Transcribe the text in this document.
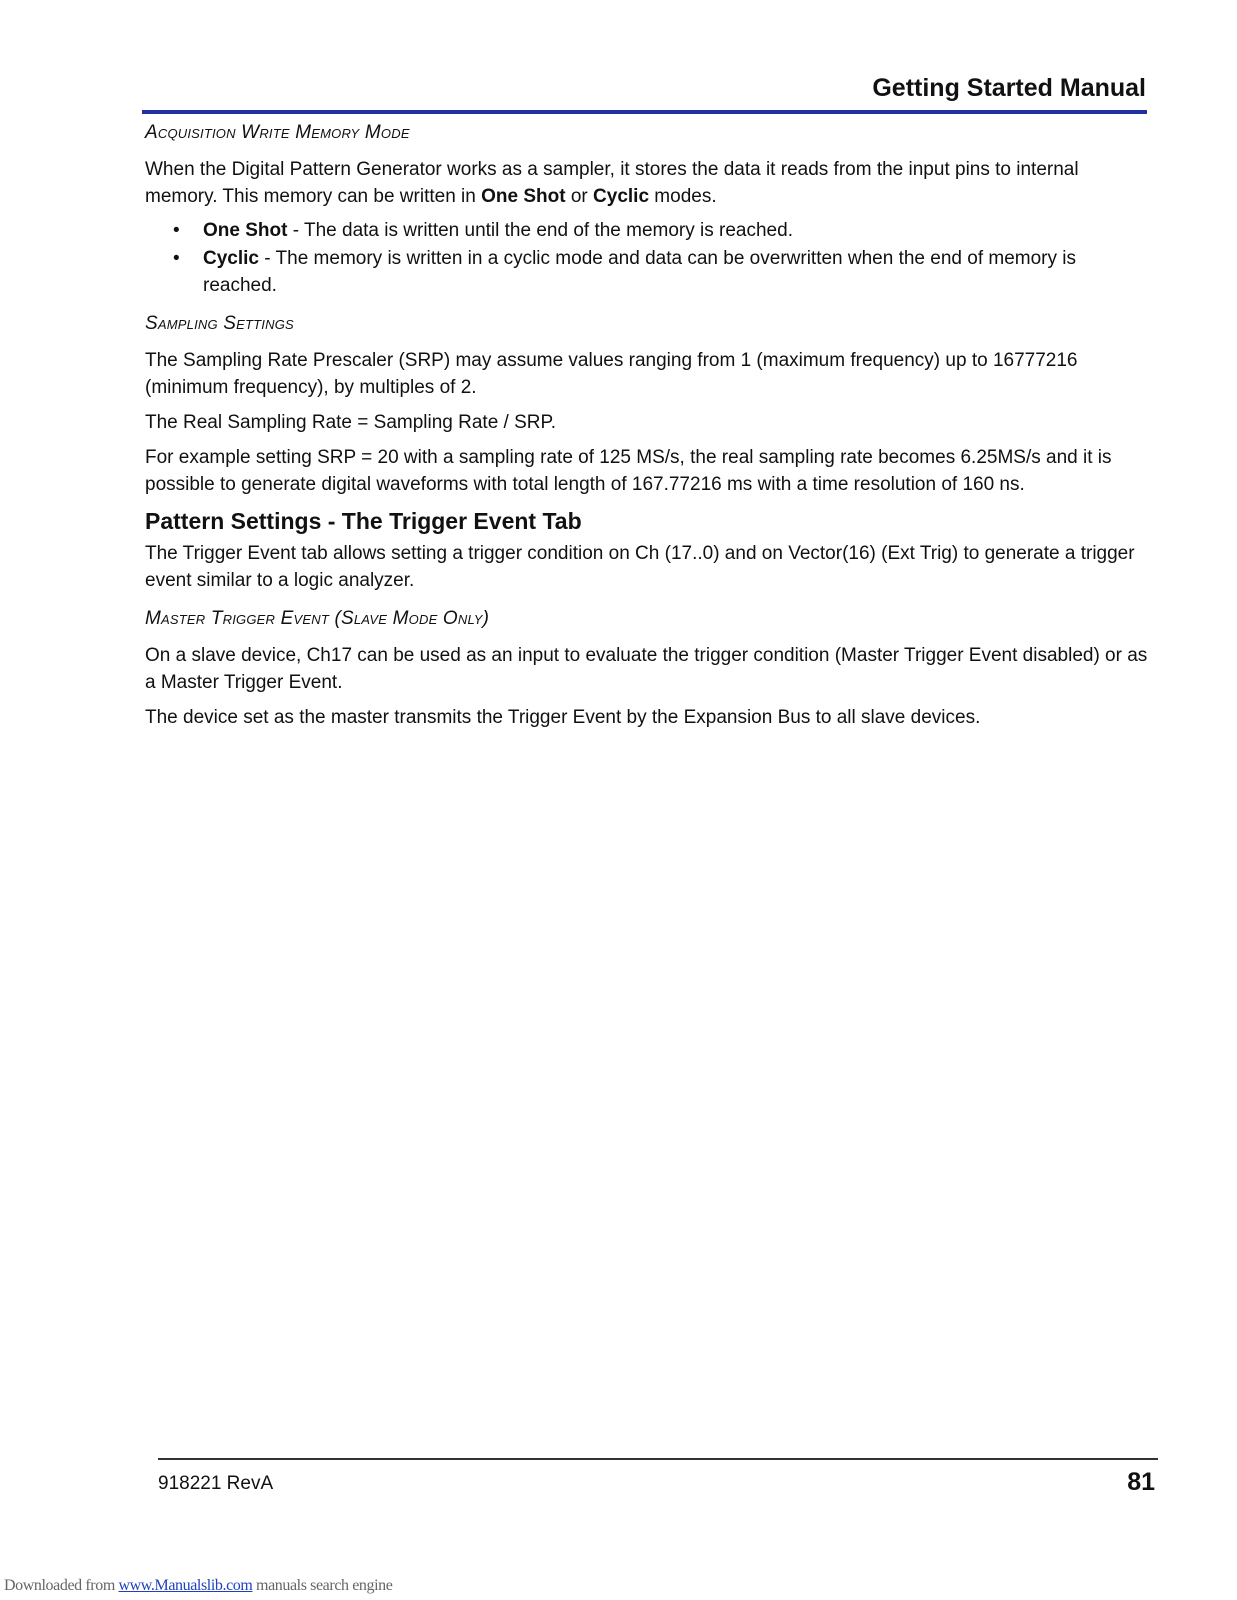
Getting Started Manual
Acquisition Write Memory Mode

When the Digital Pattern Generator works as a sampler, it stores the data it reads from the input pins to internal memory. This memory can be written in One Shot or Cyclic modes.

• One Shot - The data is written until the end of the memory is reached.
• Cyclic - The memory is written in a cyclic mode and data can be overwritten when the end of memory is reached.
Sampling Settings

The Sampling Rate Prescaler (SRP) may assume values ranging from 1 (maximum frequency) up to 16777216 (minimum frequency), by multiples of 2.

The Real Sampling Rate = Sampling Rate / SRP.

For example setting SRP = 20 with a sampling rate of 125 MS/s, the real sampling rate becomes 6.25MS/s and it is possible to generate digital waveforms with total length of 167.77216 ms with a time resolution of 160 ns.

Pattern Settings - The Trigger Event Tab

The Trigger Event tab allows setting a trigger condition on Ch (17..0) and on Vector(16) (Ext Trig) to generate a trigger event similar to a logic analyzer.

Master Trigger Event (Slave Mode Only)

On a slave device, Ch17 can be used as an input to evaluate the trigger condition (Master Trigger Event disabled) or as a Master Trigger Event.

The device set as the master transmits the Trigger Event by the Expansion Bus to all slave devices.

918221 RevA	81
Downloaded from www.Manualslib.com manuals search engine
